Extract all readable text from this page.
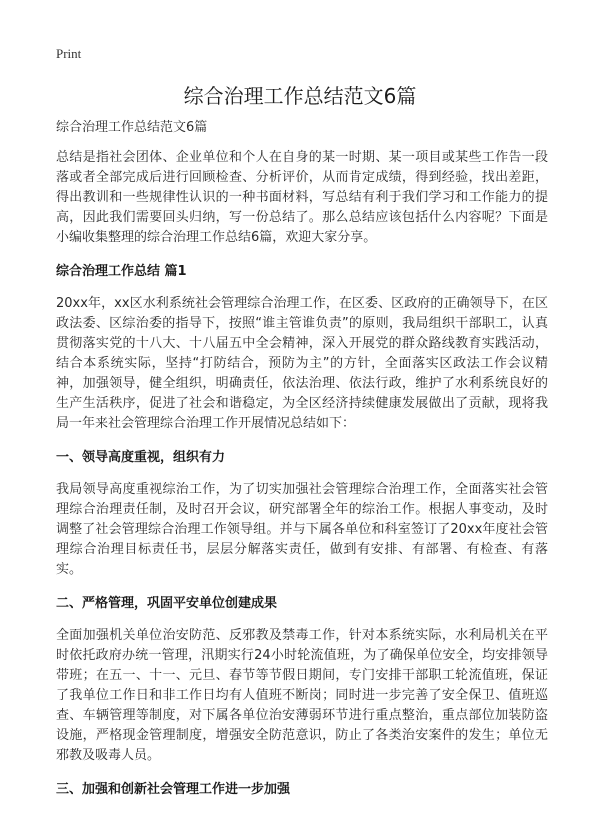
Print
综合治理工作总结范文6篇

综合治理工作总结范文6篇

总结是指社会团体、企业单位和个人在自身的某一时期、某一项目或某些工作告一段落或者全部完成后进行回顾检查、分析评价，从而肯定成绩，得到经验，找出差距，得出教训和一些规律性认识的一种书面材料，写总结有利于我们学习和工作能力的提高，因此我们需要回头归纳，写一份总结了。那么总结应该包括什么内容呢？下面是小编收集整理的综合治理工作总结6篇，欢迎大家分享。

综合治理工作总结 篇1

20xx年，xx区水利系统社会管理综合治理工作，在区委、区政府的正确领导下，在区政法委、区综治委的指导下，按照“谁主管谁负责”的原则，我局组织干部职工，认真贯彻落实党的十八大、十八届五中全会精神，深入开展党的群众路线教育实践活动，结合本系统实际，坚持“打防结合，预防为主”的方针，全面落实区政法工作会议精神，加强领导，健全组织，明确责任，依法治理、依法行政，维护了水利系统良好的生产生活秩序，促进了社会和谐稳定，为全区经济持续健康发展做出了贡献，现将我局一年来社会管理综合治理工作开展情况总结如下：

一、领导高度重视，组织有力

我局领导高度重视综治工作，为了切实加强社会管理综合治理工作，全面落实社会管理综合治理责任制，及时召开会议，研究部署全年的综治工作。根据人事变动，及时调整了社会管理综合治理工作领导组。并与下属各单位和科室签订了20xx年度社会管理综合治理目标责任书，层层分解落实责任，做到有安排、有部署、有检查、有落实。

二、严格管理，巩固平安单位创建成果

全面加强机关单位治安防范、反邪教及禁毒工作，针对本系统实际，水利局机关在平时依托政府办统一管理，汛期实行24小时轮流值班，为了确保单位安全，均安排领导带班；在五一、十一、元旦、春节等节假日期间，专门安排干部职工轮流值班，保证了我单位工作日和非工作日均有人值班不断岗；同时进一步完善了安全保卫、值班巡查、车辆管理等制度，对下属各单位治安薄弱环节进行重点整治，重点部位加装防盗设施，严格现金管理制度，增强安全防范意识，防止了各类治安案件的发生；单位无邪教及吸毒人员。

三、加强和创新社会管理工作进一步加强
